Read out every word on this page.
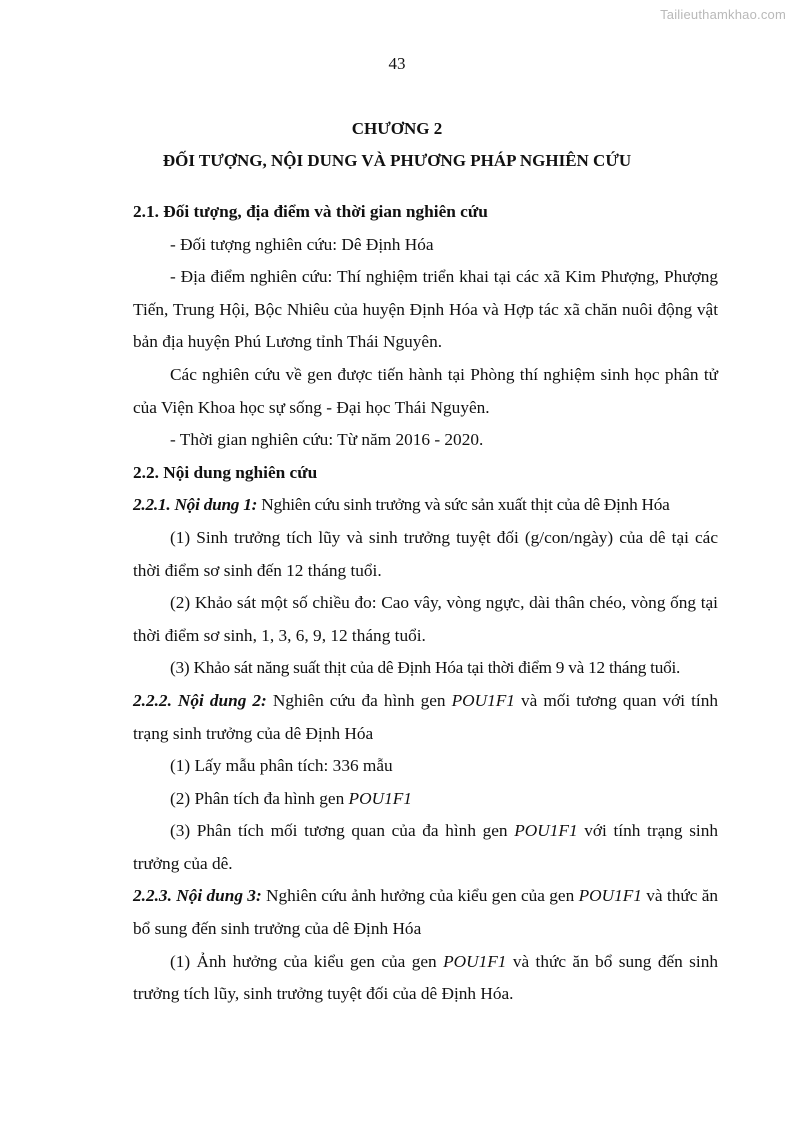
Tailieuthamkhao.com
43
CHƯƠNG 2
ĐỐI TƯỢNG, NỘI DUNG VÀ PHƯƠNG PHÁP NGHIÊN CỨU

2.1. Đối tượng, địa điểm và thời gian nghiên cứu

- Đối tượng nghiên cứu: Dê Định Hóa

- Địa điểm nghiên cứu: Thí nghiệm triển khai tại các xã Kim Phượng, Phượng Tiến, Trung Hội, Bộc Nhiêu của huyện Định Hóa và Hợp tác xã chăn nuôi động vật bản địa huyện Phú Lương tỉnh Thái Nguyên.

Các nghiên cứu về gen được tiến hành tại Phòng thí nghiệm sinh học phân tử của Viện Khoa học sự sống - Đại học Thái Nguyên.

- Thời gian nghiên cứu: Từ năm 2016 - 2020.

2.2. Nội dung nghiên cứu

2.2.1. Nội dung 1: Nghiên cứu sinh trưởng và sức sản xuất thịt của dê Định Hóa

(1) Sinh trưởng tích lũy và sinh trưởng tuyệt đối (g/con/ngày) của dê tại các thời điểm sơ sinh đến 12 tháng tuổi.

(2) Khảo sát một số chiều đo: Cao vây, vòng ngực, dài thân chéo, vòng ống tại thời điểm sơ sinh, 1, 3, 6, 9, 12 tháng tuổi.

(3) Khảo sát năng suất thịt của dê Định Hóa tại thời điểm 9 và 12 tháng tuổi.

2.2.2. Nội dung 2: Nghiên cứu đa hình gen POU1F1 và mối tương quan với tính trạng sinh trưởng của dê Định Hóa

(1) Lấy mẫu phân tích: 336 mẫu

(2) Phân tích đa hình gen POU1F1

(3) Phân tích mối tương quan của đa hình gen POU1F1 với tính trạng sinh trưởng của dê.

2.2.3. Nội dung 3: Nghiên cứu ảnh hưởng của kiểu gen của gen POU1F1 và thức ăn bổ sung đến sinh trưởng của dê Định Hóa

(1) Ảnh hưởng của kiểu gen của gen POU1F1 và thức ăn bổ sung đến sinh trưởng tích lũy, sinh trưởng tuyệt đối của dê Định Hóa.
